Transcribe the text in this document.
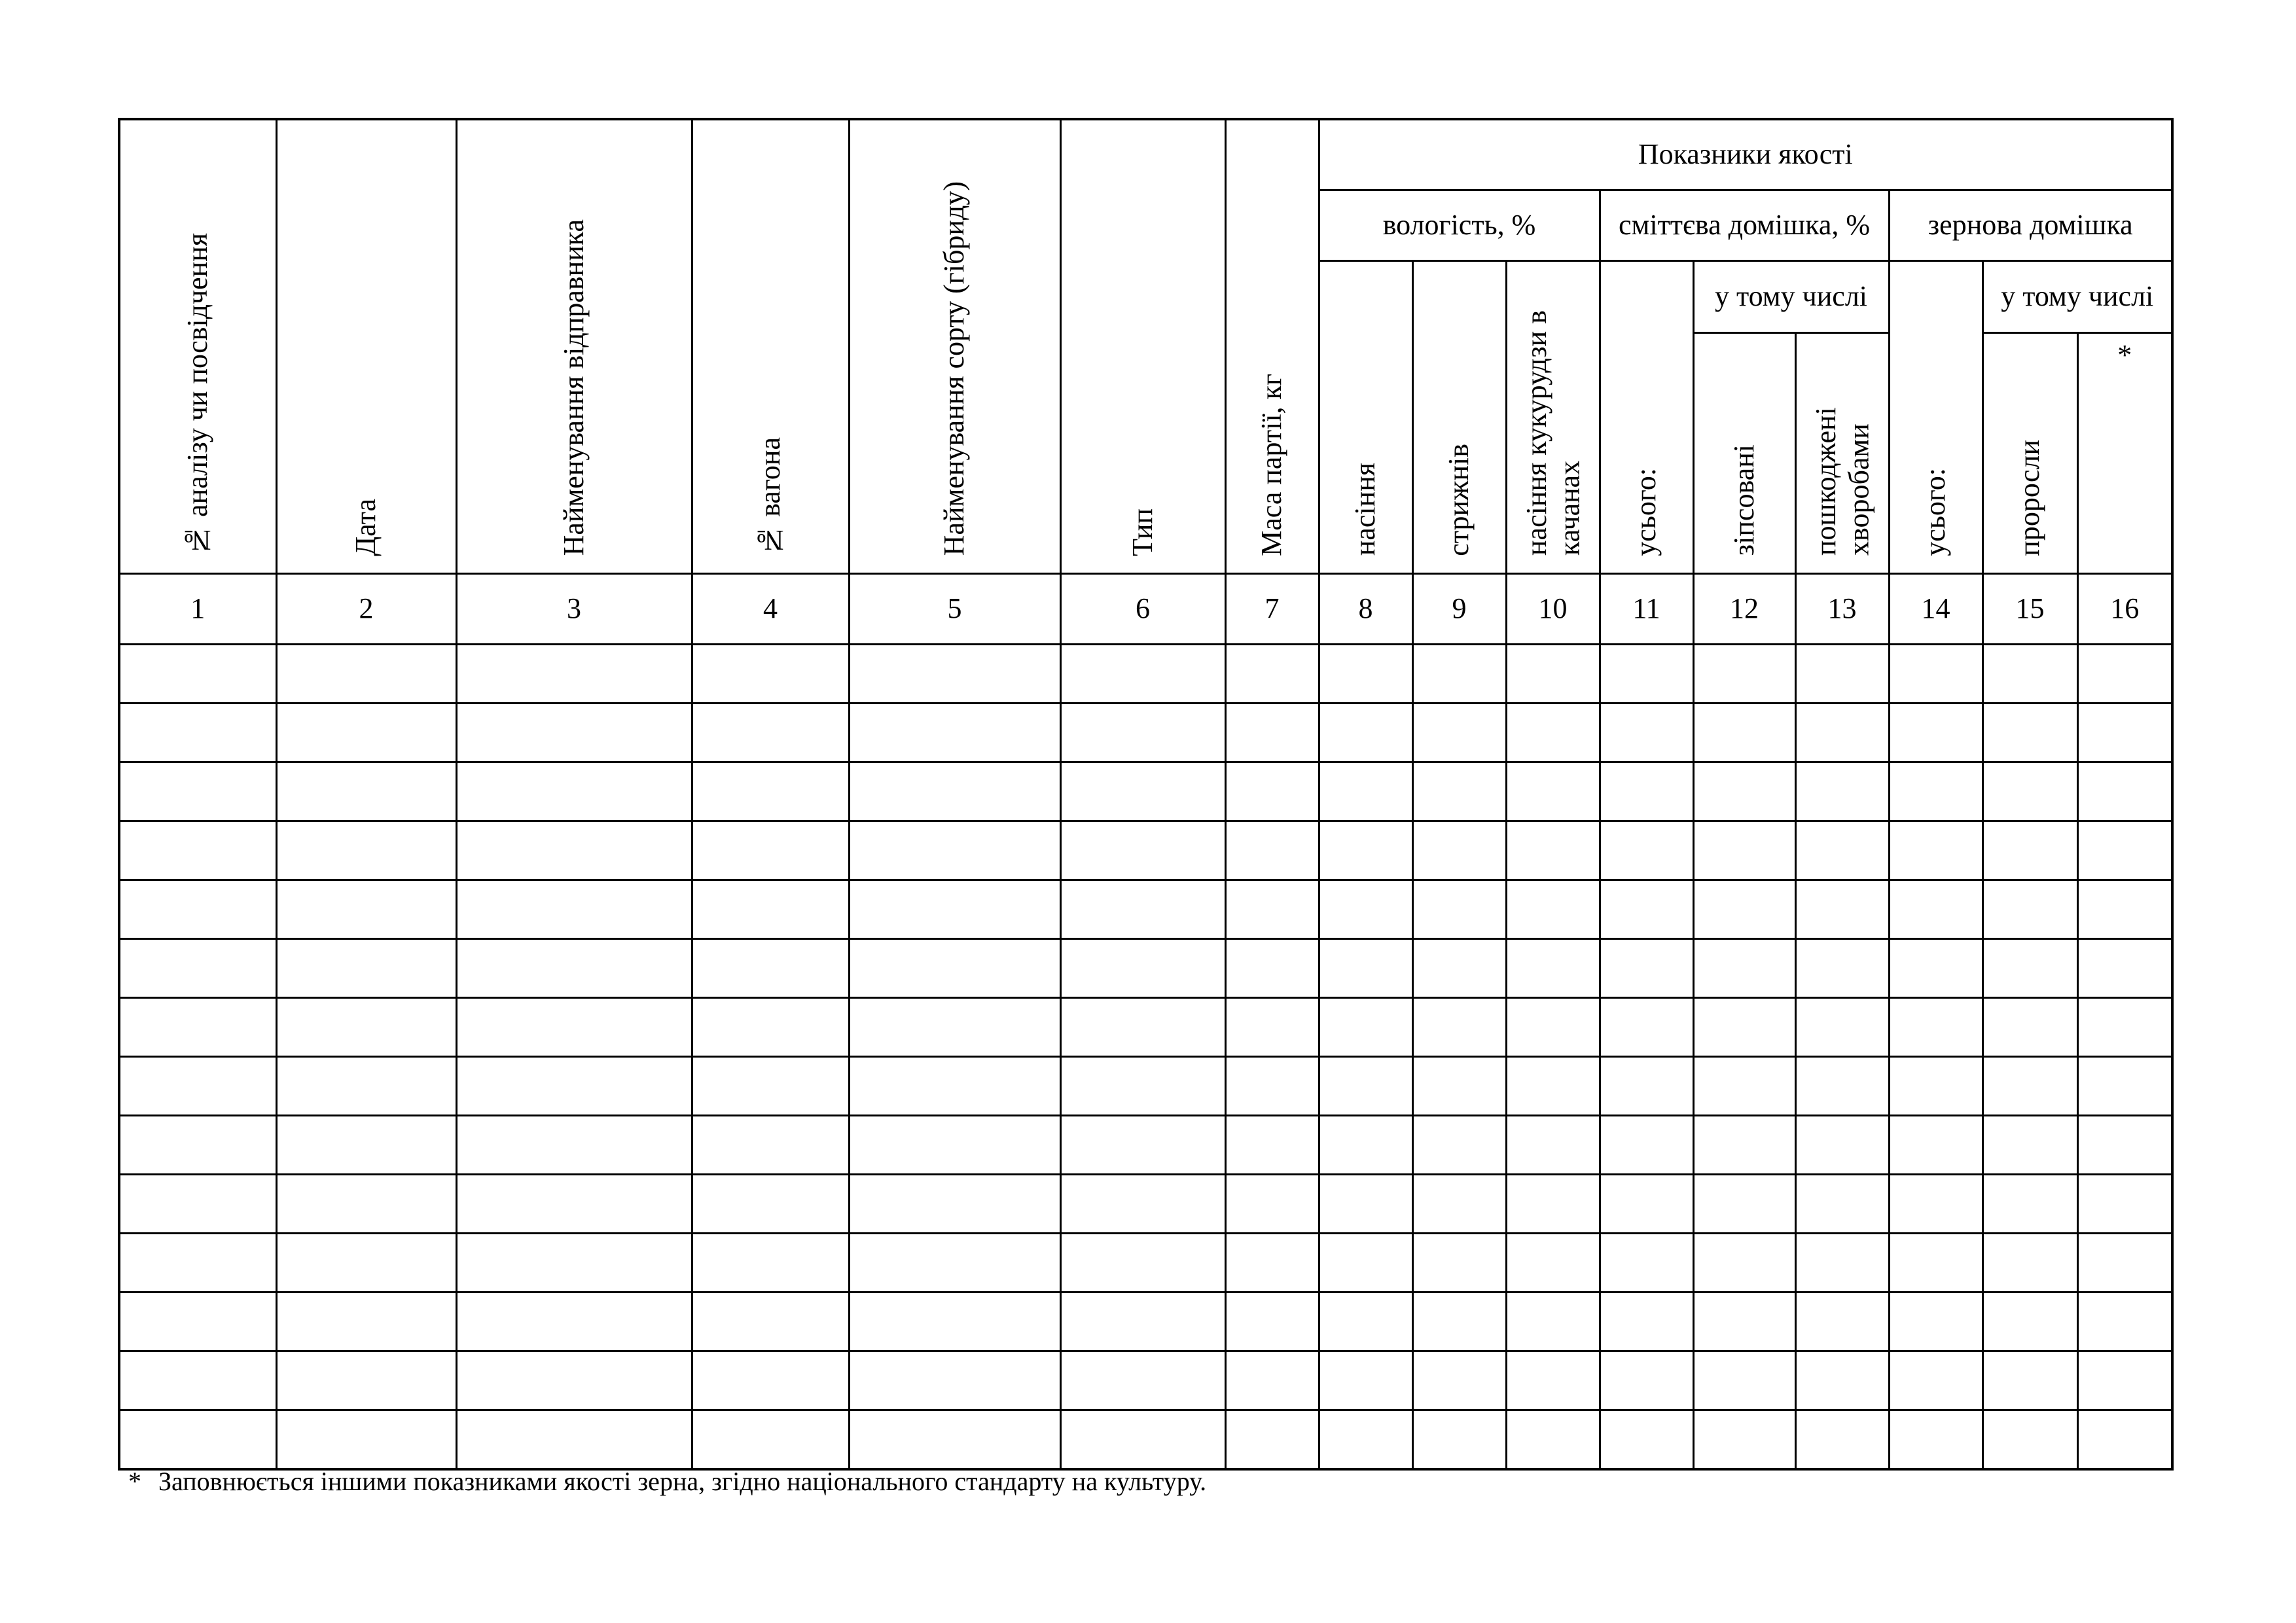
№ аналізу чи посвідчення	Дата	Найменування відправника	№ вагона	Найменування сорту (гібриду)	Тип	Маса партії, кг	Показники якості								
							вологість, %			сміттєва домішка, %			зернова домішка		
							насіння	стрижнів	насіння кукурудзи в качанах	усього:	у тому числі		усього:	у тому числі	
											зіпсовані	пошкоджені хворобами		проросли	*
1	2	3	4	5	6	7	8	9	10	11	12	13	14	15	16

* Заповнюється іншими показниками якості зерна, згідно національного стандарту на культуру.
